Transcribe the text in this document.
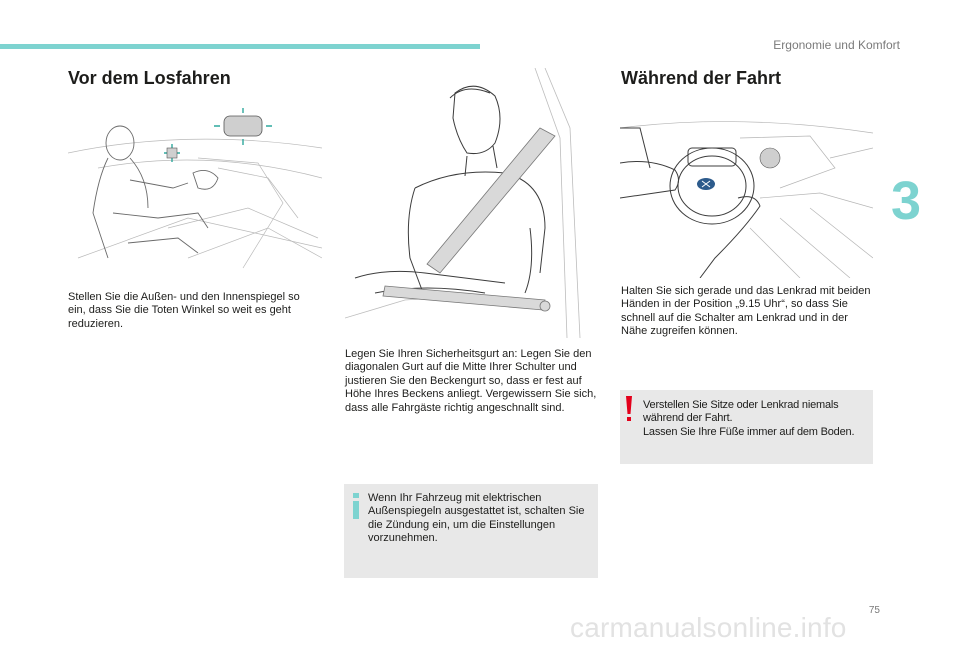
Ergonomie und Komfort
3
Vor dem Losfahren	Während der Fahrt

Stellen Sie die Außen- und den Innenspiegel so ein, dass Sie die Toten Winkel so weit es geht reduzieren.

Legen Sie Ihren Sicherheitsgurt an: Legen Sie den diagonalen Gurt auf die Mitte Ihrer Schulter und justieren Sie den Beckengurt so, dass er fest auf Höhe Ihres Beckens anliegt. Vergewissern Sie sich, dass alle Fahrgäste richtig angeschnallt sind.

Wenn Ihr Fahrzeug mit elektrischen Außenspiegeln ausgestattet ist, schalten Sie die Zündung ein, um die Einstellungen vorzunehmen.

Halten Sie sich gerade und das Lenkrad mit beiden Händen in der Position „9.15 Uhr“, so dass Sie schnell auf die Schalter am Lenkrad und in der Nähe zugreifen können.

Verstellen Sie Sitze oder Lenkrad niemals während der Fahrt.
Lassen Sie Ihre Füße immer auf dem Boden.
75
carmanualsonline.info
